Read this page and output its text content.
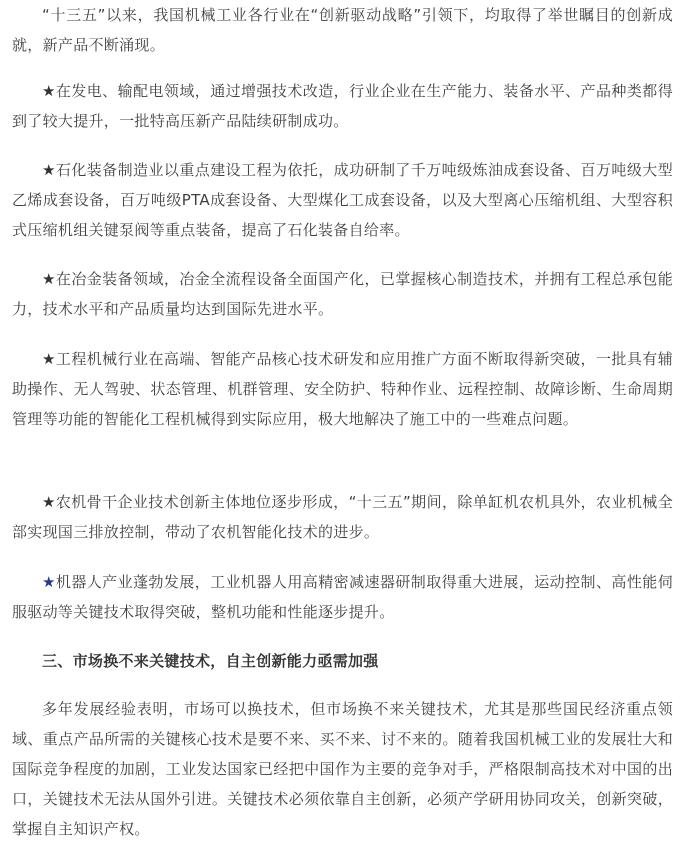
“十三五”以来，我国机械工业各行业在“创新驱动战略”引领下，均取得了举世瞩目的创新成就，新产品不断涌现。

★在发电、输配电领域，通过增强技术改造，行业企业在生产能力、装备水平、产品种类都得到了较大提升，一批特高压新产品陆续研制成功。

★石化装备制造业以重点建设工程为依托，成功研制了千万吨级炼油成套设备、百万吨级大型乙烯成套设备，百万吨级PTA成套设备、大型煤化工成套设备，以及大型离心压缩机组、大型容积式压缩机组关键泵阀等重点装备，提高了石化装备自给率。

★在冶金装备领域，冶金全流程设备全面国产化，已掌握核心制造技术，并拥有工程总承包能力，技术水平和产品质量均达到国际先进水平。

★工程机械行业在高端、智能产品核心技术研发和应用推广方面不断取得新突破，一批具有辅助操作、无人驾驶、状态管理、机群管理、安全防护、特种作业、远程控制、故障诊断、生命周期管理等功能的智能化工程机械得到实际应用，极大地解决了施工中的一些难点问题。

★农机骨干企业技术创新主体地位逐步形成，“十三五”期间，除单缸机农机具外，农业机械全部实现国三排放控制，带动了农机智能化技术的进步。

★机器人产业蓬勃发展，工业机器人用高精密减速器研制取得重大进展，运动控制、高性能伺服驱动等关键技术取得突破，整机功能和性能逐步提升。

三、市场换不来关键技术，自主创新能力亟需加强

多年发展经验表明，市场可以换技术，但市场换不来关键技术，尤其是那些国民经济重点领域、重点产品所需的关键核心技术是要不来、买不来、讨不来的。随着我国机械工业的发展壮大和国际竞争程度的加剧，工业发达国家已经把中国作为主要的竞争对手，严格限制高技术对中国的出口，关键技术无法从国外引进。关键技术必须依靠自主创新，必须产学研用协同攻关，创新突破，掌握自主知识产权。
